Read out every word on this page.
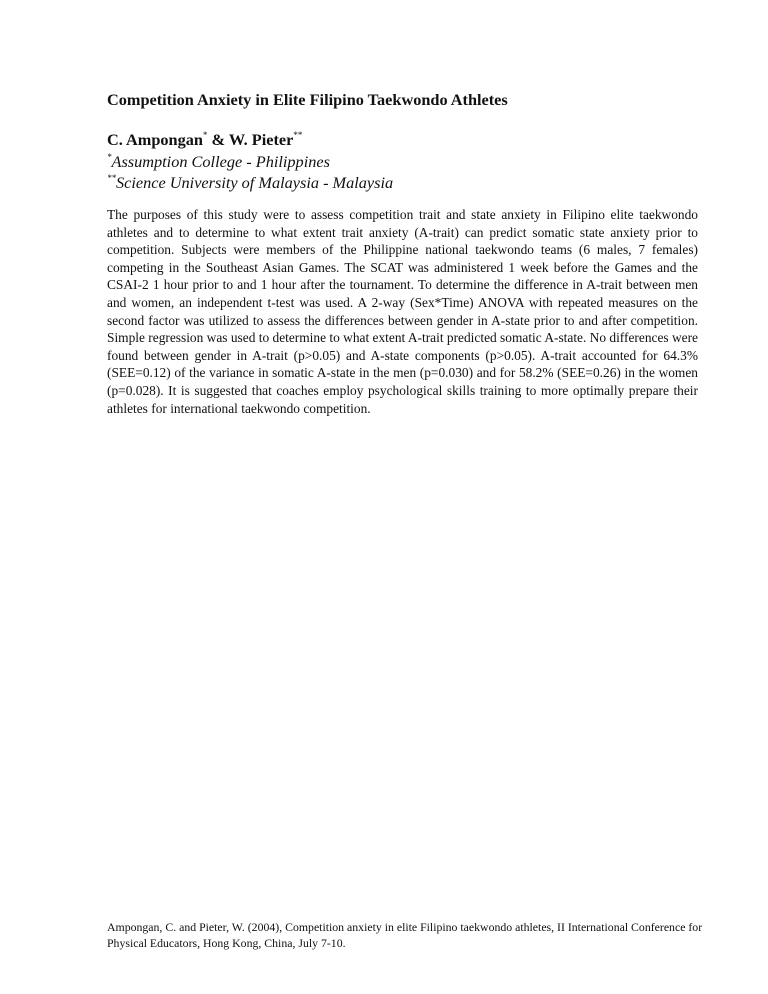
Competition Anxiety in Elite Filipino Taekwondo Athletes
C. Ampongan* & W. Pieter**
*Assumption College - Philippines
**Science University of Malaysia - Malaysia

The purposes of this study were to assess competition trait and state anxiety in Filipino elite taekwondo athletes and to determine to what extent trait anxiety (A-trait) can predict somatic state anxiety prior to competition. Subjects were members of the Philippine national taekwondo teams (6 males, 7 females) competing in the Southeast Asian Games. The SCAT was administered 1 week before the Games and the CSAI-2 1 hour prior to and 1 hour after the tournament. To determine the difference in A-trait between men and women, an independent t-test was used. A 2-way (Sex*Time) ANOVA with repeated measures on the second factor was utilized to assess the differences between gender in A-state prior to and after competition. Simple regression was used to determine to what extent A-trait predicted somatic A-state. No differences were found between gender in A-trait (p>0.05) and A-state components (p>0.05). A-trait accounted for 64.3% (SEE=0.12) of the variance in somatic A-state in the men (p=0.030) and for 58.2% (SEE=0.26) in the women (p=0.028). It is suggested that coaches employ psychological skills training to more optimally prepare their athletes for international taekwondo competition.

Ampongan, C. and Pieter, W. (2004), Competition anxiety in elite Filipino taekwondo athletes, II International Conference for Physical Educators, Hong Kong, China, July 7-10.
